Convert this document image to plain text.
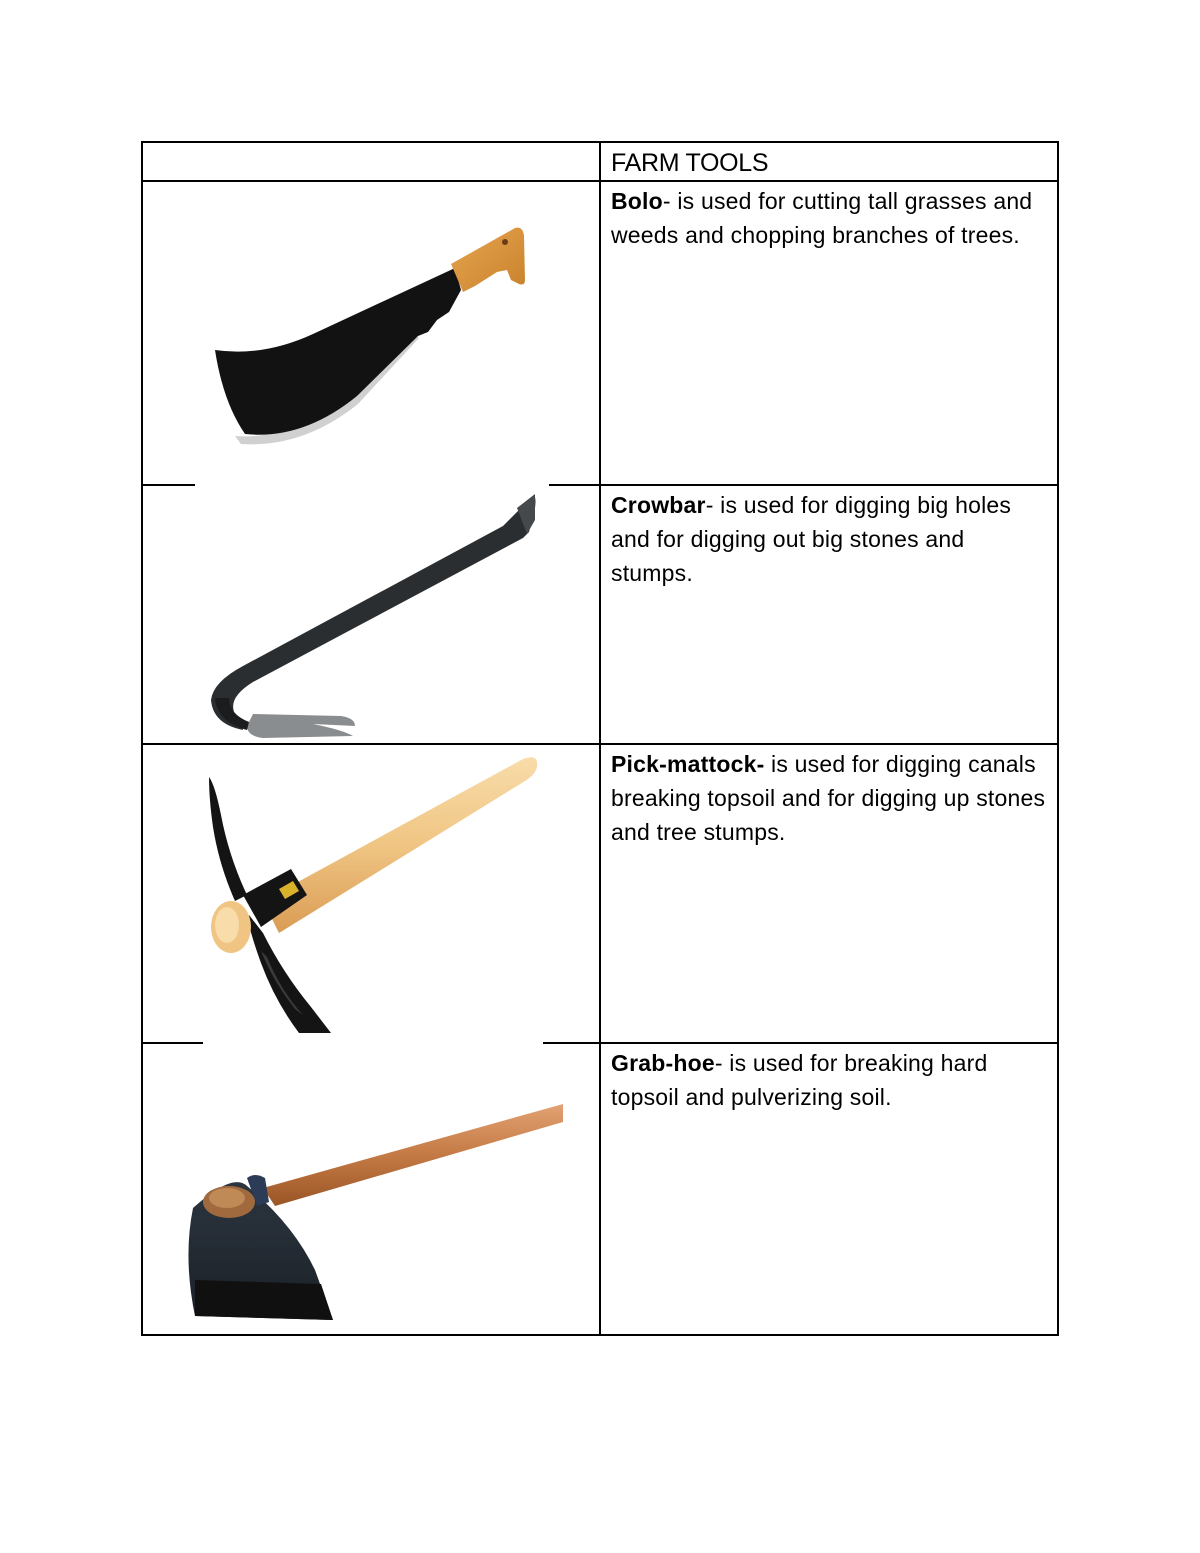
	FARM TOOLS

Bolo- is used for cutting tall grasses and weeds and chopping branches of trees.

Crowbar- is used for digging big holes and for digging out big stones and stumps.

Pick-mattock- is used for digging canals breaking topsoil and for digging up stones and tree stumps.

Grab-hoe- is used for breaking hard topsoil and pulverizing soil.
